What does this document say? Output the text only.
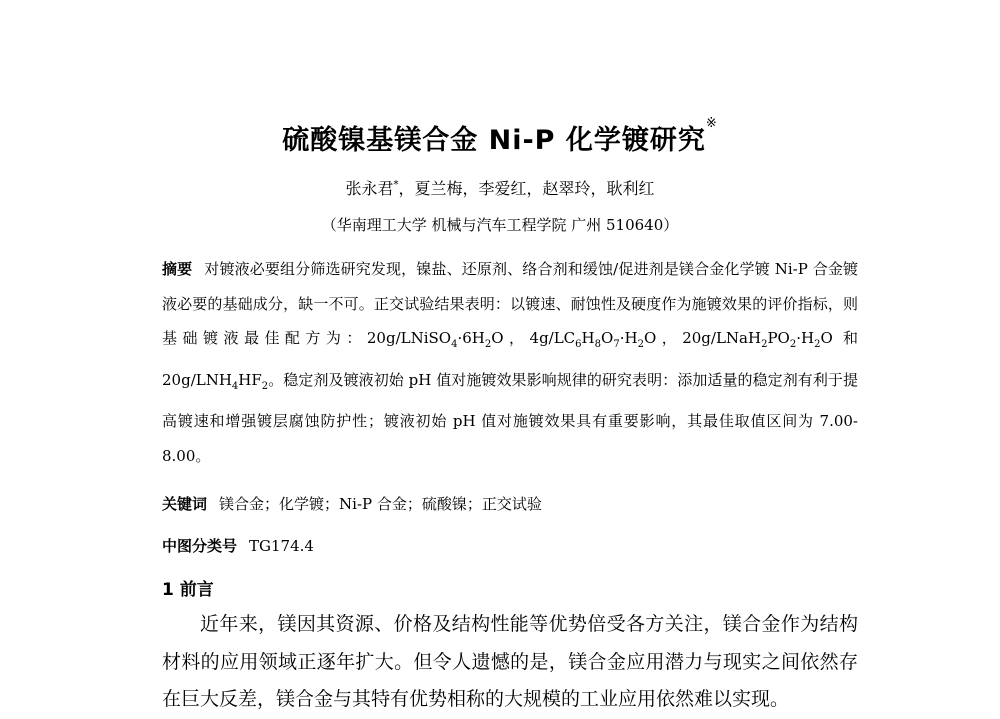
硫酸镍基镁合金 Ni-P 化学镀研究※
张永君*，夏兰梅，李爱红，赵翠玲，耿利红
（华南理工大学 机械与汽车工程学院 广州 510640）
摘要 对镀液必要组分筛选研究发现，镍盐、还原剂、络合剂和缓蚀/促进剂是镁合金化学镀 Ni-P 合金镀液必要的基础成分，缺一不可。正交试验结果表明：以镀速、耐蚀性及硬度作为施镀效果的评价指标，则基础镀液最佳配方为：$20g/LNiSO_4\cdot 6H_2O$，$4g/LC_6H_8O_7\cdot H_2O$，$20g/LNaH_2PO_2\cdot H_2O$ 和 $20g/LNH_4HF_2$。稳定剂及镀液初始 pH 值对施镀效果影响规律的研究表明：添加适量的稳定剂有利于提高镀速和增强镀层腐蚀防护性；镀液初始 pH 值对施镀效果具有重要影响，其最佳取值区间为 7.00-8.00。
关键词 镁合金；化学镀；Ni-P 合金；硫酸镍；正交试验
中图分类号 TG174.4
1 前言
近年来，镁因其资源、价格及结构性能等优势倍受各方关注，镁合金作为结构材料的应用领域正逐年扩大。但令人遗憾的是，镁合金应用潜力与现实之间依然存在巨大反差，镁合金与其特有优势相称的大规模的工业应用依然难以实现。
